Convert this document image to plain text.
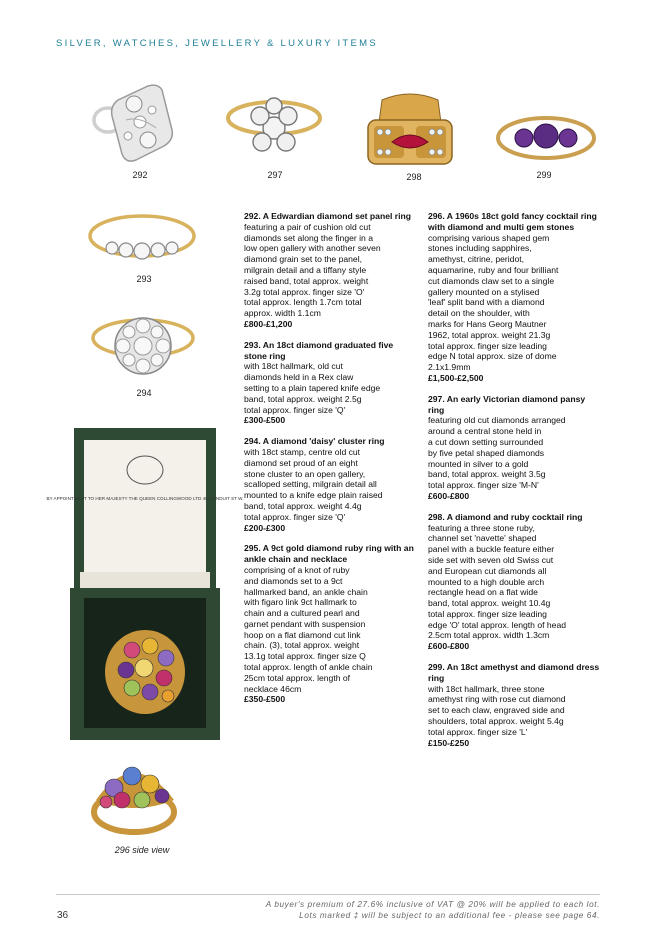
SILVER, WATCHES, JEWELLERY & LUXURY ITEMS
292	297	298	299
293
294
BY APPOINTMENT TO HER MAJESTY THE QUEEN COLLINGWOOD LTD 46 CONDUIT ST W.
296 side view
292. A Edwardian diamond set panel ring
featuring a pair of cushion old cut
diamonds set along the finger in a
low open gallery with another seven
diamond grain set to the panel,
milgrain detail and a tiffany style
raised band, total approx. weight
3.2g total approx. finger size 'O'
total approx. length 1.7cm total
approx. width 1.1cm
£800-£1,200
293. An 18ct diamond graduated five stone ring
with 18ct hallmark, old cut
diamonds held in a Rex claw
setting to a plain tapered knife edge
band, total approx. weight 2.5g
total approx. finger size 'Q'
£300-£500
294. A diamond 'daisy' cluster ring
with 18ct stamp, centre old cut
diamond set proud of an eight
stone cluster to an open gallery,
scalloped setting, milgrain detail all
mounted to a knife edge plain raised
band, total approx. weight 4.4g
total approx. finger size 'Q'
£200-£300
295. A 9ct gold diamond ruby ring with an ankle chain and necklace
comprising of a knot of ruby
and diamonds set to a 9ct
hallmarked band, an ankle chain
with figaro link 9ct hallmark to
chain and a cultured pearl and
garnet pendant with suspension
hoop on a flat diamond cut link
chain. (3), total approx. weight
13.1g total approx. finger size Q
total approx. length of ankle chain
25cm total approx. length of
necklace 46cm
£350-£500
296. A 1960s 18ct gold fancy cocktail ring with diamond and multi gem stones
comprising various shaped gem
stones including sapphires,
amethyst, citrine, peridot,
aquamarine, ruby and four brilliant
cut diamonds claw set to a single
gallery mounted on a stylised
'leaf' split band with a diamond
detail on the shoulder, with
marks for Hans Georg Mautner
1962, total approx. weight 21.3g
total approx. finger size leading
edge N total approx. size of dome
2.1x1.9mm
£1,500-£2,500
297. An early Victorian diamond pansy ring
featuring old cut diamonds arranged
around a central stone held in
a cut down setting surrounded
by five petal shaped diamonds
mounted in silver to a gold
band, total approx. weight 3.5g
total approx. finger size 'M-N'
£600-£800
298. A diamond and ruby cocktail ring
featuring a three stone ruby,
channel set 'navette' shaped
panel with a buckle feature either
side set with seven old Swiss cut
and European cut diamonds all
mounted to a high double arch
rectangle head on a flat wide
band, total approx. weight 10.4g
total approx. finger size leading
edge 'O' total approx. length of head
2.5cm total approx. width 1.3cm
£600-£800
299. An 18ct amethyst and diamond dress ring
with 18ct hallmark, three stone
amethyst ring with rose cut diamond
set to each claw, engraved side and
shoulders, total approx. weight 5.4g
total approx. finger size 'L'
£150-£250
36
A buyer's premium of 27.6% inclusive of VAT @ 20% will be applied to each lot.
Lots marked ‡ will be subject to an additional fee - please see page 64.
